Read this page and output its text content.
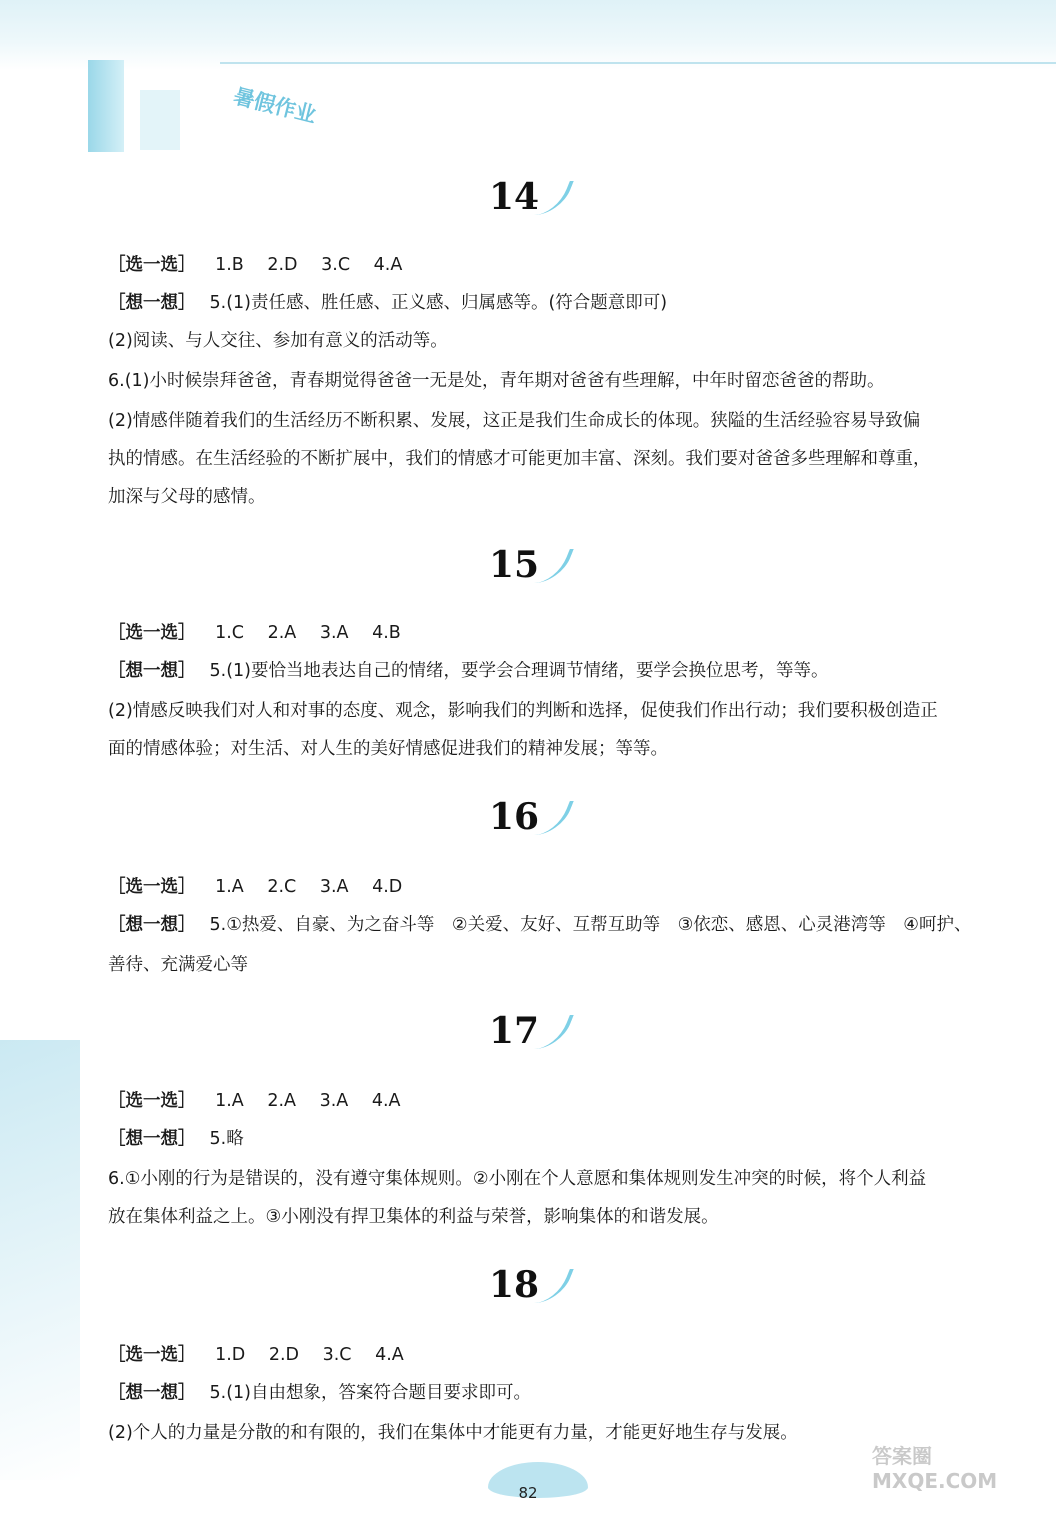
暑假作业
14
［选一选］ 1.B 2.D 3.C 4.A
［想一想］ 5.(1)责任感、胜任感、正义感、归属感等。(符合题意即可)
(2)阅读、与人交往、参加有意义的活动等。
6.(1)小时候崇拜爸爸，青春期觉得爸爸一无是处，青年期对爸爸有些理解，中年时留恋爸爸的帮助。
(2)情感伴随着我们的生活经历不断积累、发展，这正是我们生命成长的体现。狭隘的生活经验容易导致偏
执的情感。在生活经验的不断扩展中，我们的情感才可能更加丰富、深刻。我们要对爸爸多些理解和尊重，
加深与父母的感情。
15
［选一选］ 1.C 2.A 3.A 4.B
［想一想］ 5.(1)要恰当地表达自己的情绪，要学会合理调节情绪，要学会换位思考，等等。
(2)情感反映我们对人和对事的态度、观念，影响我们的判断和选择，促使我们作出行动；我们要积极创造正
面的情感体验；对生活、对人生的美好情感促进我们的精神发展；等等。
16
［选一选］ 1.A 2.C 3.A 4.D
［想一想］ 5.①热爱、自豪、为之奋斗等　②关爱、友好、互帮互助等　③依恋、感恩、心灵港湾等　④呵护、
善待、充满爱心等
17
［选一选］ 1.A 2.A 3.A 4.A
［想一想］ 5.略
6.①小刚的行为是错误的，没有遵守集体规则。②小刚在个人意愿和集体规则发生冲突的时候，将个人利益
放在集体利益之上。③小刚没有捍卫集体的利益与荣誉，影响集体的和谐发展。
18
［选一选］ 1.D 2.D 3.C 4.A
［想一想］ 5.(1)自由想象，答案符合题目要求即可。
(2)个人的力量是分散的和有限的，我们在集体中才能更有力量，才能更好地生存与发展。
82
答案圈 MXQE.COM
